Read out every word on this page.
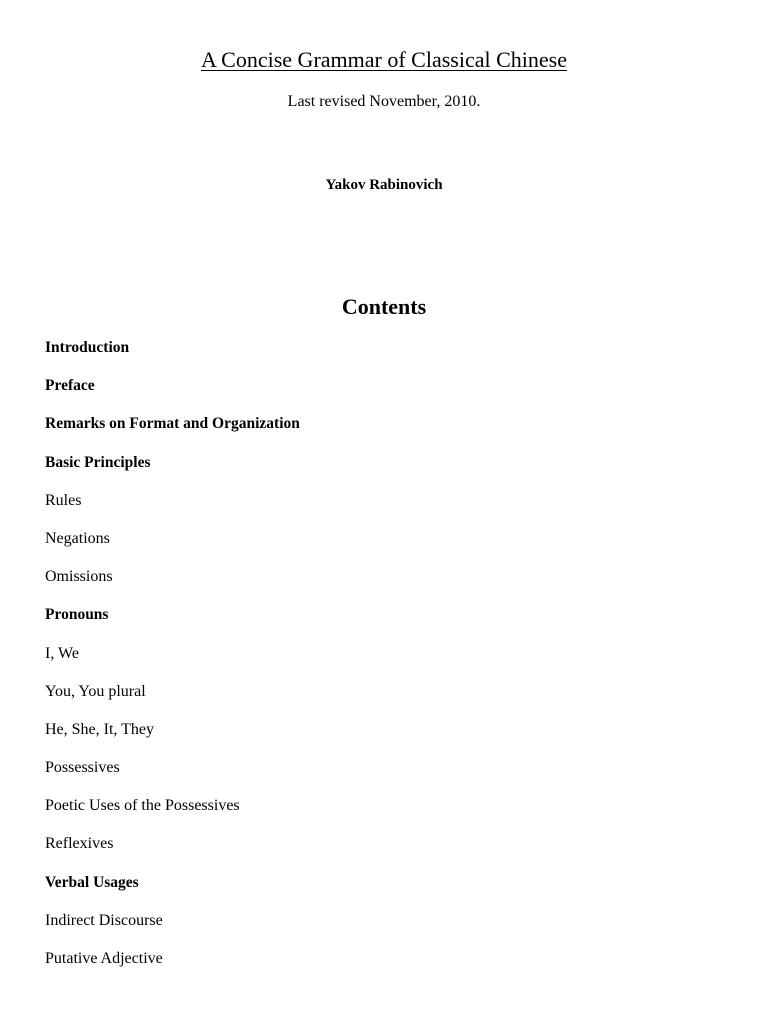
A Concise Grammar of Classical Chinese
Last revised November, 2010.
Yakov Rabinovich
Contents
Introduction
Preface
Remarks on Format and Organization
Basic Principles
Rules
Negations
Omissions
Pronouns
I, We
You, You plural
He, She, It, They
Possessives
Poetic Uses of the Possessives
Reflexives
Verbal Usages
Indirect Discourse
Putative Adjective
